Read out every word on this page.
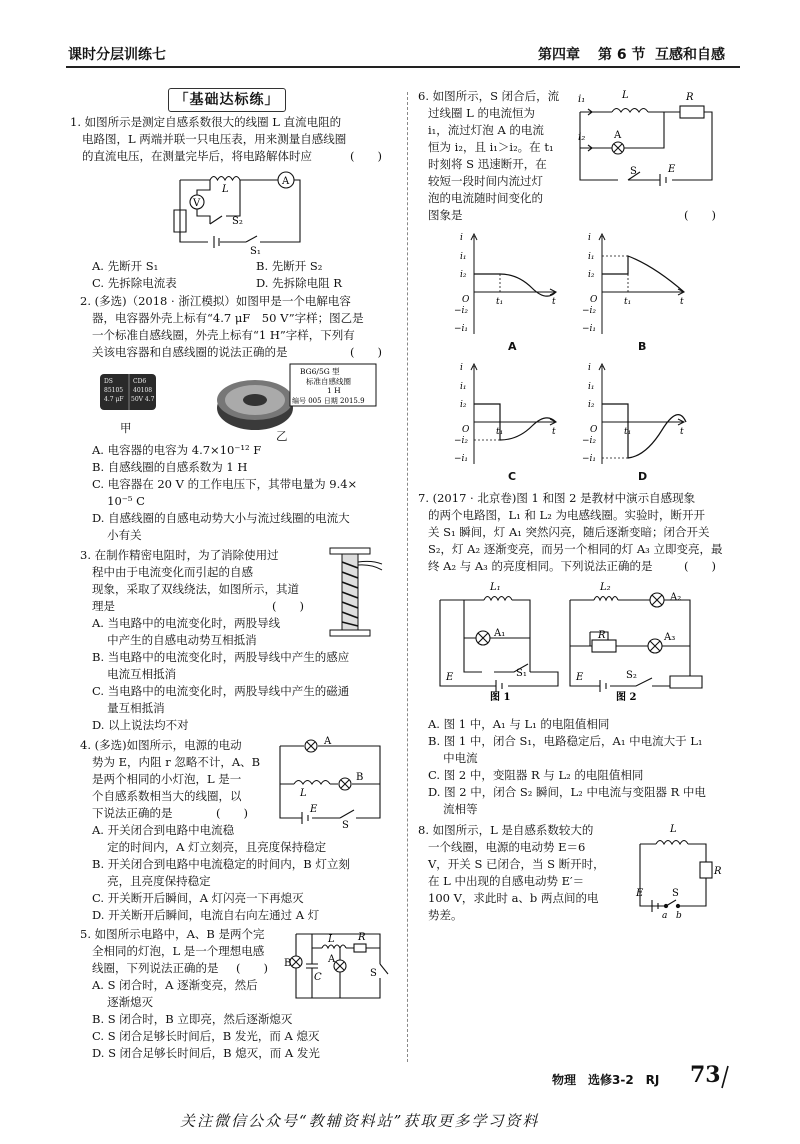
课时分层训练七	第四章 第 6 节 互感和自感
「基础达标练」
1. 如图所示是测定自感系数很大的线圈 L 直流电阻的
电路图，L 两端并联一只电压表，用来测量自感线圈
的直流电压，在测量完毕后，将电路解体时应	(　　)
A
V
L
S₂
S₁
A. 先断开 S₁	B. 先断开 S₂
C. 先拆除电流表	D. 先拆除电阻 R
2. (多选)（2018 · 浙江模拟）如图甲是一个电解电容
器，电容器外壳上标有“4.7 μF　50 V”字样；图乙是
一个标准自感线圈，外壳上标有“1 H”字样，下列有
关该电容器和自感线圈的说法正确的是	(　　)
DS	CD6
85105 40108
4.7 μF 50V 4.7
BG6/5G 型
标准自感线圈
1 H
编号 005 日期 2015.9
甲
乙
A. 电容器的电容为 4.7×10⁻¹² F
B. 自感线圈的自感系数为 1 H
C. 电容器在 20 V 的工作电压下，其带电量为 9.4×
　 10⁻⁵ C
D. 自感线圈的自感电动势大小与流过线圈的电流大
　 小有关
3. 在制作精密电阻时，为了消除使用过
程中由于电流变化而引起的自感
现象，采取了双线绕法，如图所示，其道
理是	(　　)
A. 当电路中的电流变化时，两股导线
　 中产生的自感电动势互相抵消
B. 当电路中的电流变化时，两股导线中产生的感应
　 电流互相抵消
C. 当电路中的电流变化时，两股导线中产生的磁通
　 量互相抵消
D. 以上说法均不对
4. (多选)如图所示，电源的电动
势为 E，内阻 r 忽略不计，A、B
是两个相同的小灯泡，L 是一
个自感系数相当大的线圈，以
下说法正确的是	(　　)
A
B
L
E
S
A. 开关闭合到电路中电流稳
　 定的时间内，A 灯立刻亮，且亮度保持稳定
B. 开关闭合到电路中电流稳定的时间内，B 灯立刻
　 亮，且亮度保持稳定
C. 开关断开后瞬间，A 灯闪亮一下再熄灭
D. 开关断开后瞬间，电流自右向左通过 A 灯
5. 如图所示电路中，A、B 是两个完
全相同的灯泡，L 是一个理想电感
线圈，下列说法正确的是 (　　) B
L R
C
A
S
A. S 闭合时，A 逐渐变亮，然后
　 逐渐熄灭
B. S 闭合时，B 立即亮，然后逐渐熄灭
C. S 闭合足够长时间后，B 发光，而 A 熄灭
D. S 闭合足够长时间后，B 熄灭，而 A 发光
6. 如图所示，S 闭合后，流
过线圈 L 的电流恒为
i₁，流过灯泡 A 的电流
恒为 i₂，且 i₁＞i₂。在 t₁
时刻将 S 迅速断开，在
较短一段时间内流过灯
泡的电流随时间变化的
图象是	(　　)
i₁	L	R
A
i₂
E
S
i
O	t
i₁
i₂
−i₂
−i₁
t₁
i
O	t
i₁
i₂
−i₂
−i₁
t₁
i
O	t
i₁
i₂
−i₂
−i₁
t₁
i
O	t
i₁
i₂
−i₂
−i₁
t₁
A	B
C	D
7. (2017 · 北京卷)图 1 和图 2 是教材中演示自感现象
的两个电路图，L₁ 和 L₂ 为电感线圈。实验时，断开开
关 S₁ 瞬间，灯 A₁ 突然闪亮，随后逐渐变暗；闭合开关
S₂，灯 A₂ 逐渐变亮，而另一个相同的灯 A₃ 立即变亮，最
终 A₂ 与 A₃ 的亮度相同。下列说法正确的是	(　　)
L₁
A₁
E	S₁
图 1
L₂
A₂
R	A₃
S₂
E
图 2
A. 图 1 中，A₁ 与 L₁ 的电阻值相同
B. 图 1 中，闭合 S₁，电路稳定后，A₁ 中电流大于 L₁
　 中电流
C. 图 2 中，变阻器 R 与 L₂ 的电阻值相同
D. 图 2 中，闭合 S₂ 瞬间，L₂ 中电流与变阻器 R 中电
　 流相等
8. 如图所示，L 是自感系数较大的
一个线圈，电源的电动势 E＝6
V，开关 S 已闭合，当 S 断开时，
在 L 中出现的自感电动势 E′＝
100 V，求此时 a、b 两点间的电
势差。
L
R
E	S
a b
物理　选修3-2　RJ 73
关注微信公众号“教辅资料站”获取更多学习资料
